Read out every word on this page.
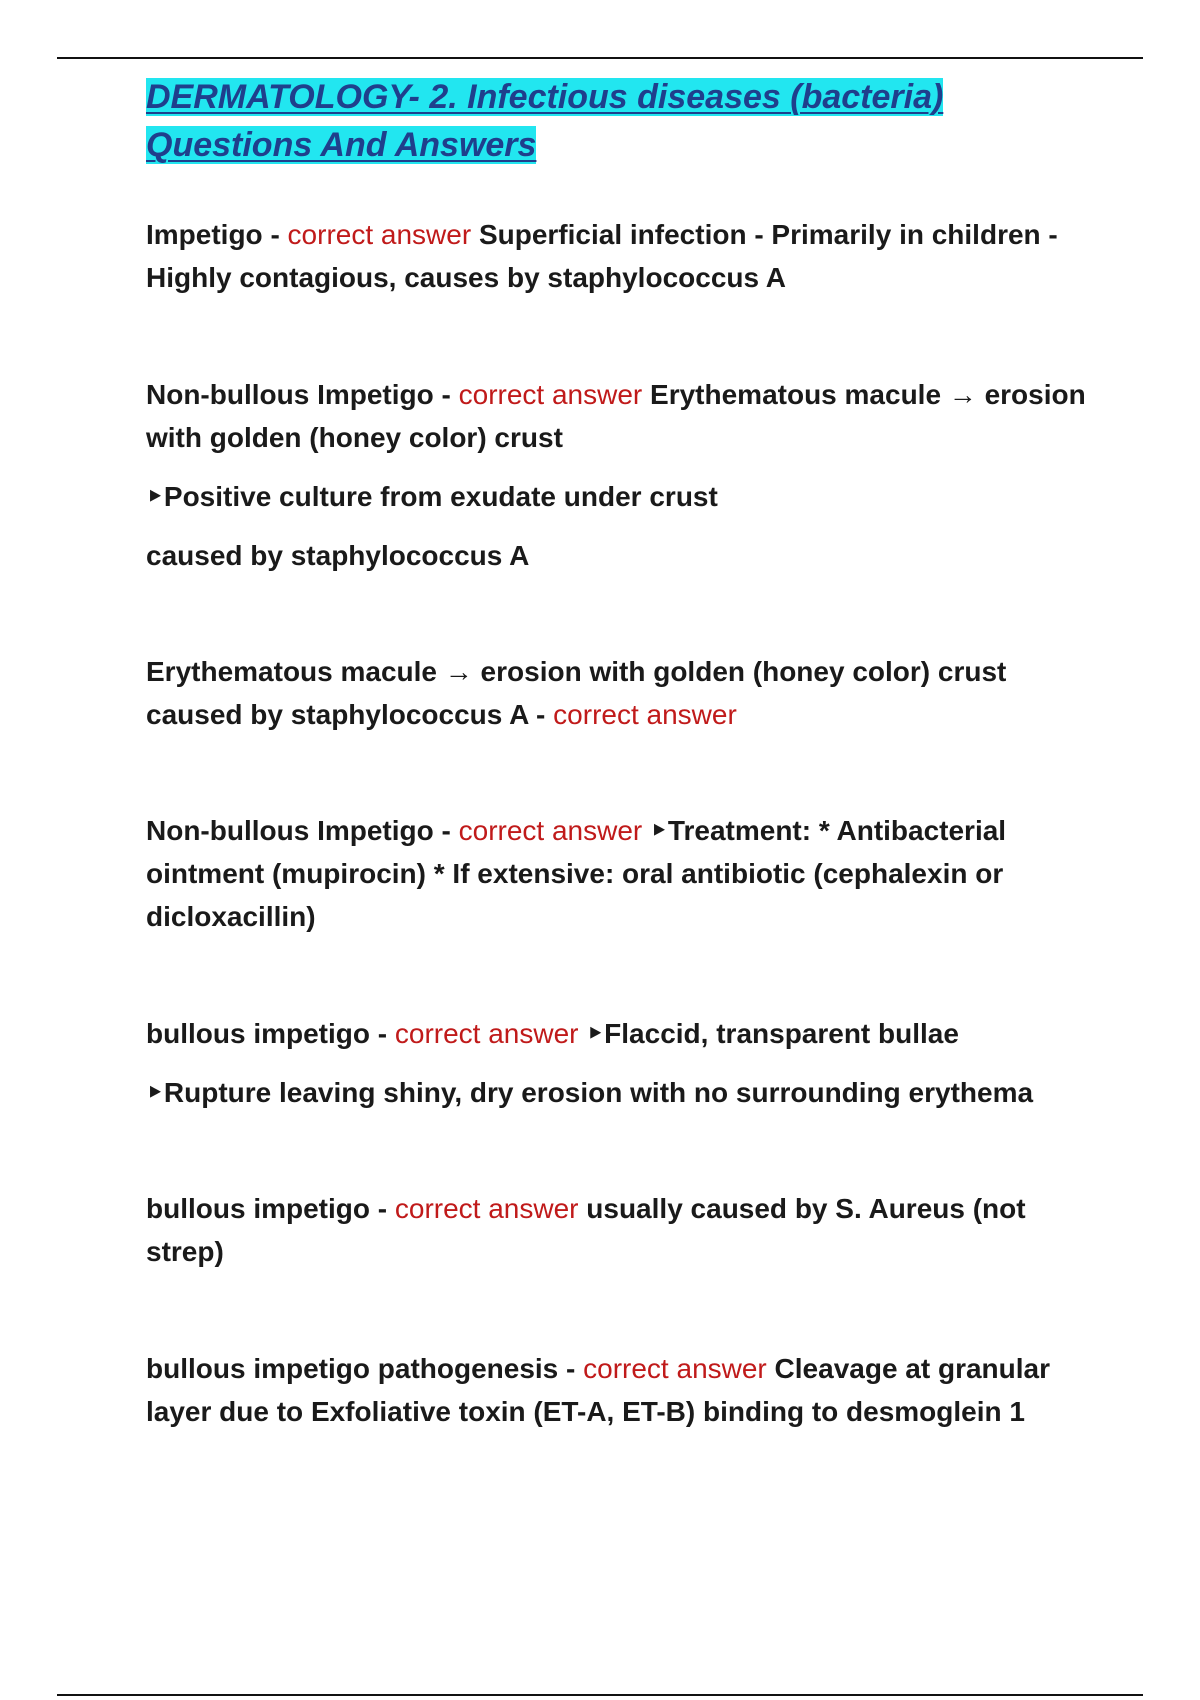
DERMATOLOGY- 2. Infectious diseases (bacteria)
Questions And Answers

Impetigo - correct answer Superficial infection - Primarily in children - Highly contagious, causes by staphylococcus A

Non-bullous Impetigo - correct answer Erythematous macule → erosion with golden (honey color) crust

‣Positive culture from exudate under crust

caused by staphylococcus A

Erythematous macule → erosion with golden (honey color) crust caused by staphylococcus A - correct answer

Non-bullous Impetigo - correct answer ‣Treatment: * Antibacterial ointment (mupirocin) * If extensive: oral antibiotic (cephalexin or dicloxacillin)

bullous impetigo - correct answer ‣Flaccid, transparent bullae

‣Rupture leaving shiny, dry erosion with no surrounding erythema

bullous impetigo - correct answer usually caused by S. Aureus (not strep)

bullous impetigo pathogenesis - correct answer Cleavage at granular layer due to Exfoliative toxin (ET-A, ET-B) binding to desmoglein 1
